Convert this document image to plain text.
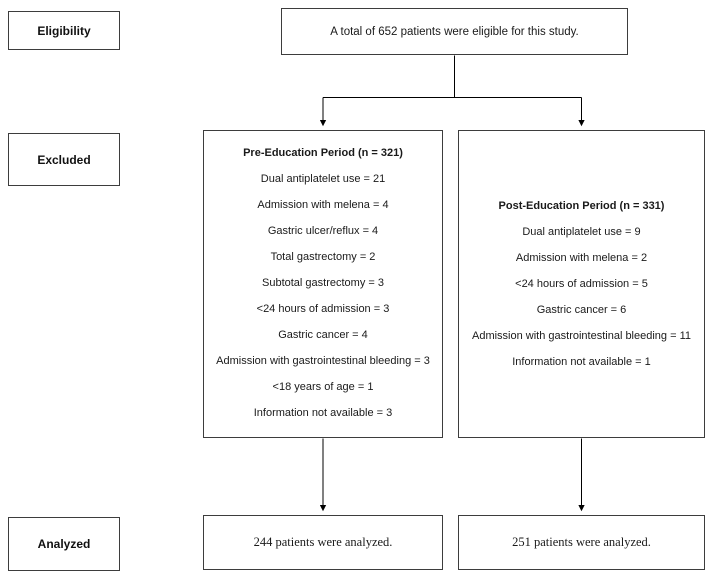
Eligibility
Excluded
Analyzed
A total of 652 patients were eligible for this study.
Pre-Education Period (n = 321)
Dual antiplatelet use = 21
Admission with melena = 4
Gastric ulcer/reflux = 4
Total gastrectomy = 2
Subtotal gastrectomy = 3
<24 hours of admission = 3
Gastric cancer = 4
Admission with gastrointestinal bleeding = 3
<18 years of age = 1
Information not available = 3
Post-Education Period (n = 331)
Dual antiplatelet use = 9
Admission with melena = 2
<24 hours of admission = 5
Gastric cancer = 6
Admission with gastrointestinal bleeding = 11
Information not available = 1
244 patients were analyzed.	251 patients were analyzed.
